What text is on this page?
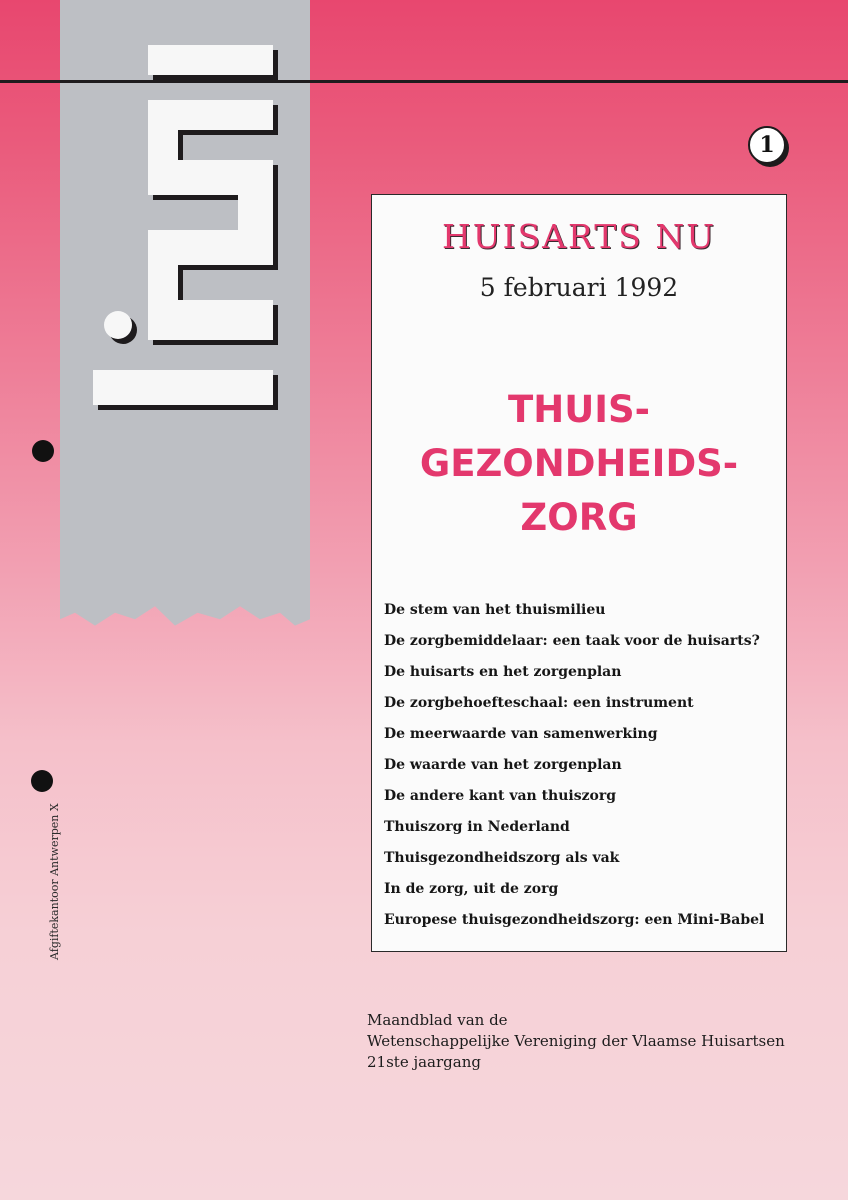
1
HUISARTS NU
5 februari 1992
THUIS-
GEZONDHEIDS-
ZORG
De stem van het thuismilieu
De zorgbemiddelaar: een taak voor de huisarts?
De huisarts en het zorgenplan
De zorgbehoefteschaal: een instrument
De meerwaarde van samenwerking
De waarde van het zorgenplan
De andere kant van thuiszorg
Thuiszorg in Nederland
Thuisgezondheidszorg als vak
In de zorg, uit de zorg
Europese thuisgezondheidszorg: een Mini-Babel
Maandblad van de
Wetenschappelijke Vereniging der Vlaamse Huisartsen
21ste jaargang
Afgiftekantoor Antwerpen X
